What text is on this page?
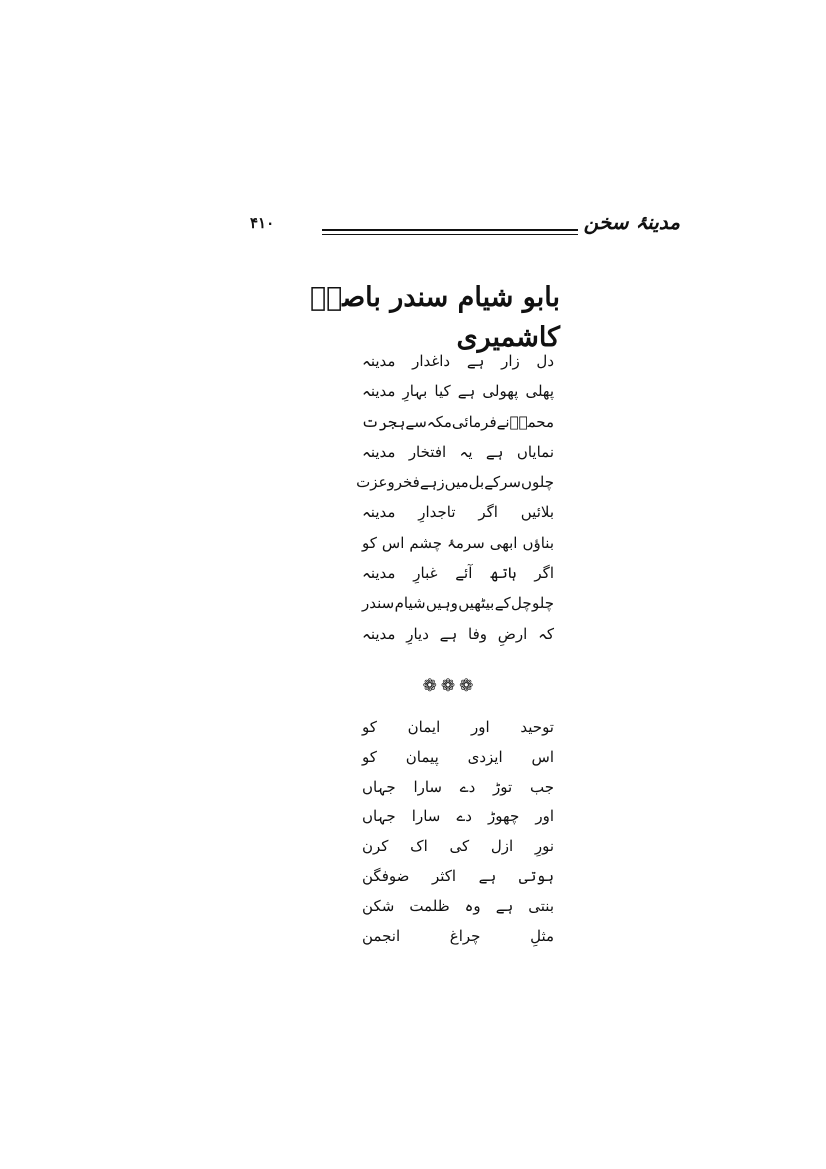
۴۱۰	مدینۂ سخن
بابو شیام سندر باصرؔ کاشمیری
دل
زار
ہے
داغدار
مدینہ
پھلی
پھولی
ہے
کیا
بہارِ
مدینہ
محمدؐ
نے
فرمائی
مکہ
سے
ہجرت
نمایاں
ہے
یہ
افتخار
مدینہ
چلوں
سر
کے
بل
میں
زہے
فخر
و
عزت
بلائیں
اگر
تاجدارِ
مدینہ
بناؤں
ابھی
سرمۂ
چشم
اس
کو
اگر
ہاتھ
آئے
غبارِ
مدینہ
چلو
چل
کے
بیٹھیں
وہیں
شیام
سندر
کہ
ارضِ
وفا
ہے
دیارِ
مدینہ
❁❁❁
توحید
اور
ایمان
کو
اس
ایزدی
پیمان
کو
جب
توڑ
دے
سارا
جہاں
اور
چھوڑ
دے
سارا
جہاں
نورِ
ازل
کی
اک
کرن
ہوتی
ہے
اکثر
ضوفگن
بنتی
ہے
وہ
ظلمت
شکن
مثلِ
چراغ
انجمن
